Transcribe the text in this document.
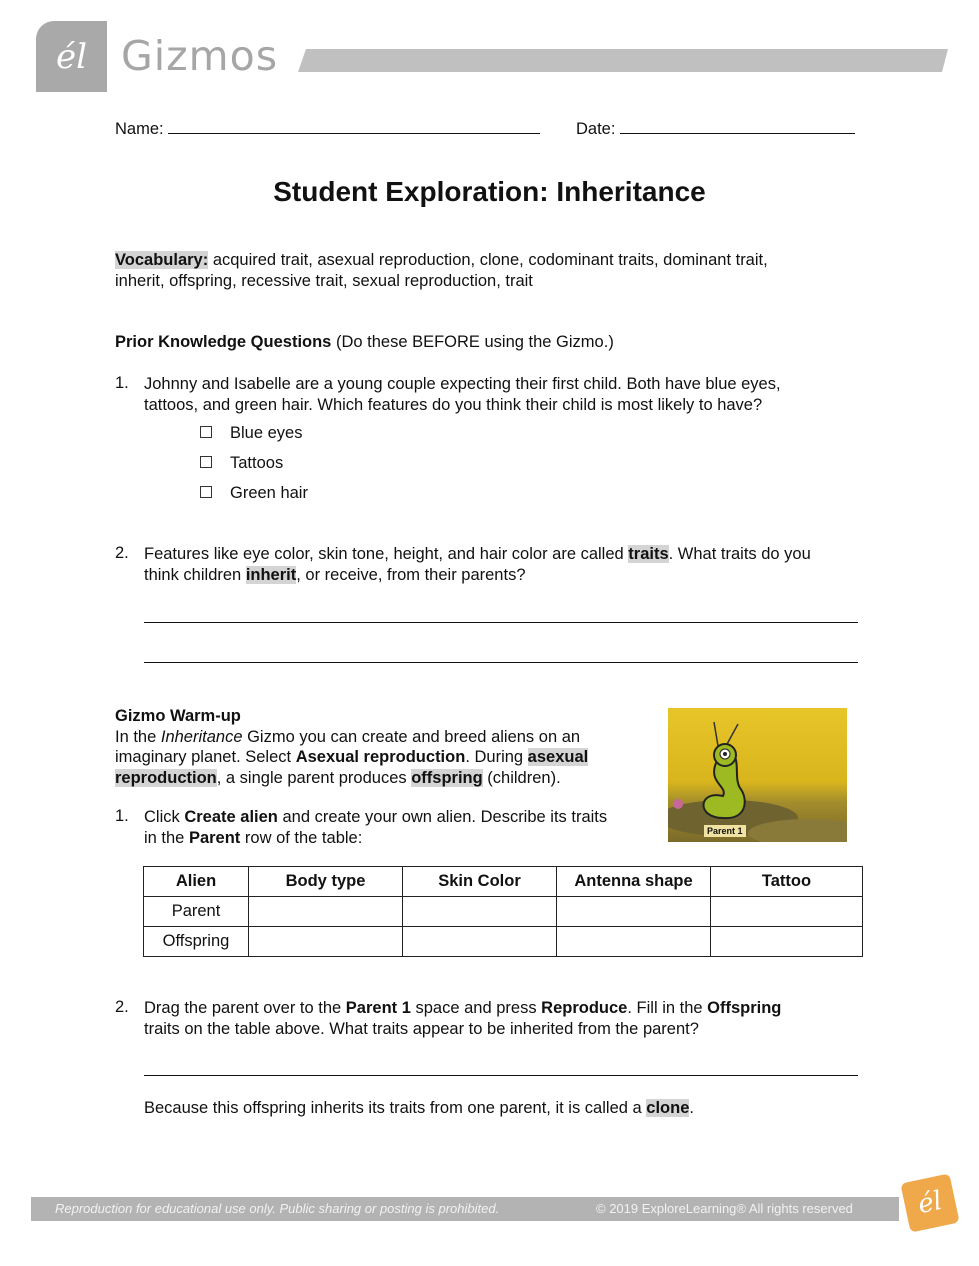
él Gizmos
Name:	Date:
Student Exploration: Inheritance
Vocabulary: acquired trait, asexual reproduction, clone, codominant traits, dominant trait,
inherit, offspring, recessive trait, sexual reproduction, trait
Prior Knowledge Questions (Do these BEFORE using the Gizmo.)
1. Johnny and Isabelle are a young couple expecting their first child. Both have blue eyes,
tattoos, and green hair. Which features do you think their child is most likely to have?
Blue eyes
Tattoos
Green hair
2. Features like eye color, skin tone, height, and hair color are called traits. What traits do you
think children inherit, or receive, from their parents?
Gizmo Warm-up
In the Inheritance Gizmo you can create and breed aliens on an
imaginary planet. Select Asexual reproduction. During asexual
reproduction, a single parent produces offspring (children).
Parent 1
1. Click Create alien and create your own alien. Describe its traits
in the Parent row of the table:
Alien	Body type	Skin Color	Antenna shape	Tattoo
Parent				
Offspring				
2. Drag the parent over to the Parent 1 space and press Reproduce. Fill in the Offspring
traits on the table above. What traits appear to be inherited from the parent?
Because this offspring inherits its traits from one parent, it is called a clone.
Reproduction for educational use only. Public sharing or posting is prohibited.	© 2019 ExploreLearning® All rights reserved él
